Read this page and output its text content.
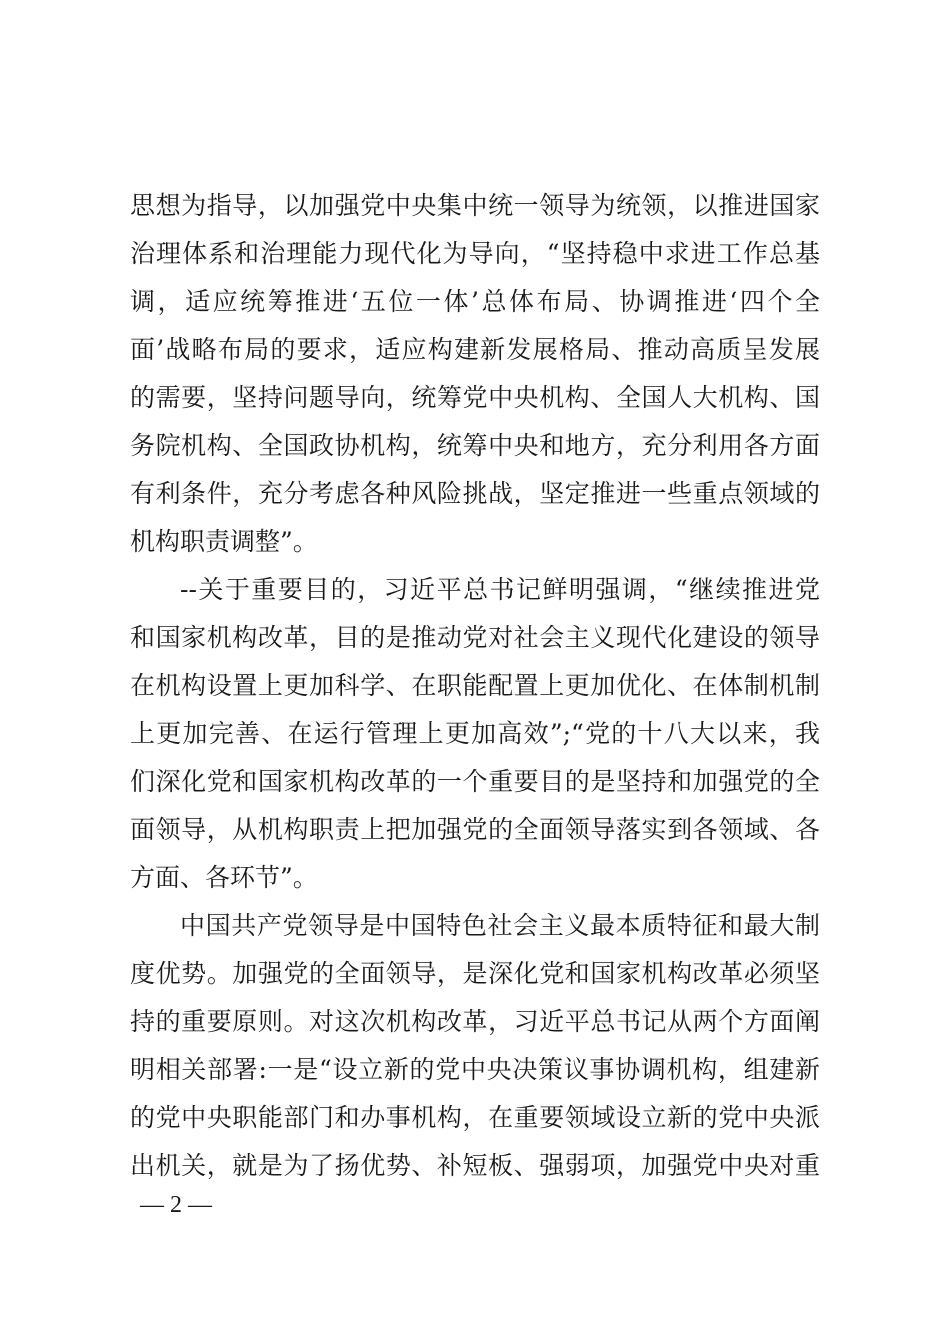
思想为指导，以加强党中央集中统一领导为统领，以推进国家
治理体系和治理能力现代化为导向，“坚持稳中求进工作总基
调，适应统筹推进‘五位一体’总体布局、协调推进‘四个全
面’战略布局的要求，适应构建新发展格局、推动高质呈发展
的需要，坚持问题导向，统筹党中央机构、全国人大机构、国
务院机构、全国政协机构，统筹中央和地方，充分利用各方面
有利条件，充分考虑各种风险挑战，坚定推进一些重点领域的
机构职责调整”。
--关于重要目的，习近平总书记鲜明强调，“继续推进党
和国家机构改革，目的是推动党对社会主义现代化建设的领导
在机构设置上更加科学、在职能配置上更加优化、在体制机制
上更加完善、在运行管理上更加高效”;“党的十八大以来，我
们深化党和国家机构改革的一个重要目的是坚持和加强党的全
面领导，从机构职责上把加强党的全面领导落实到各领域、各
方面、各环节”。
中国共产党领导是中国特色社会主义最本质特征和最大制
度优势。加强党的全面领导，是深化党和国家机构改革必须坚
持的重要原则。对这次机构改革，习近平总书记从两个方面阐
明相关部署:一是“设立新的党中央决策议事协调机构，组建新
的党中央职能部门和办事机构，在重要领域设立新的党中央派
出机关，就是为了扬优势、补短板、强弱项，加强党中央对重
— 2 —
